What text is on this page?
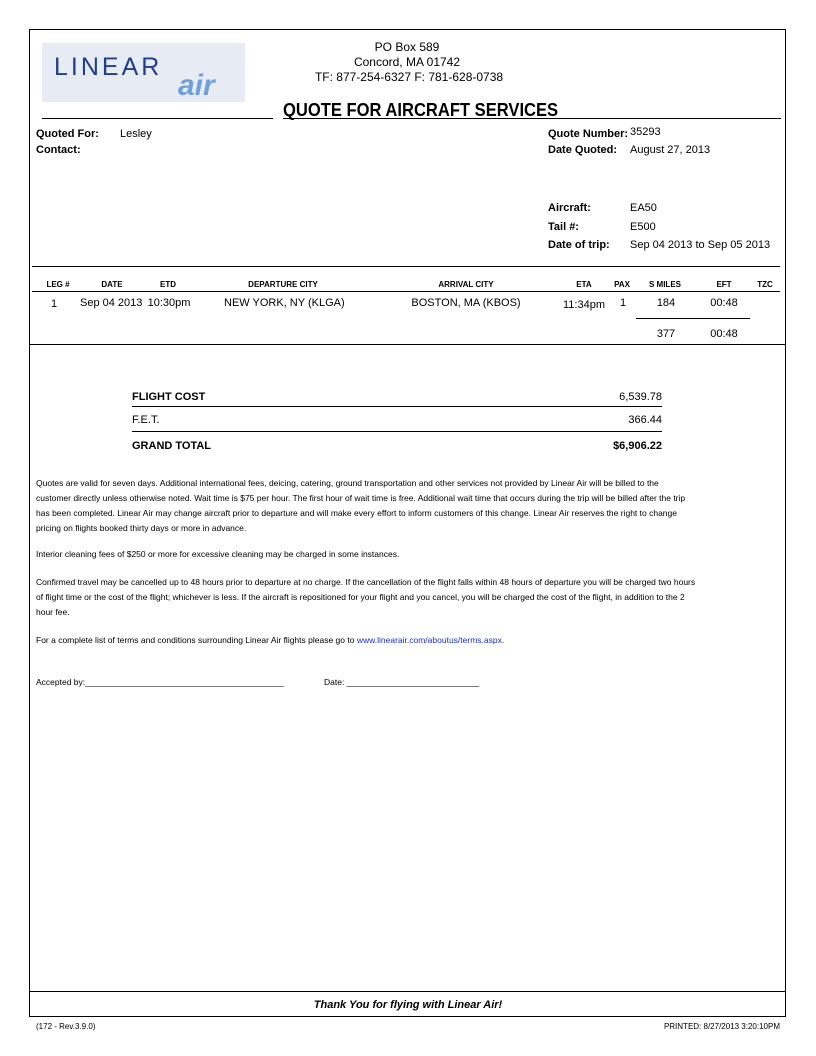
LINEAR
air
PO Box 589
Concord, MA 01742
TF: 877-254-6327 F: 781-628-0738
QUOTE FOR AIRCRAFT SERVICES
Quoted For: Lesley
Contact:
Quote Number: 35293
Date Quoted: August 27, 2013
Aircraft:	EA50
Tail #:	E500
Date of trip: Sep 04 2013 to Sep 05 2013
LEG #	DATE	ETD	DEPARTURE CITY	ARRIVAL CITY	ETA	PAX	S MILES	EFT	TZC
1	Sep 04 2013 10:30pm	NEW YORK, NY (KLGA)	BOSTON, MA (KBOS)	11:34pm	1	184	00:48
377	00:48
FLIGHT COST	6,539.78
F.E.T.	366.44
GRAND TOTAL	$6,906.22
Quotes are valid for seven days. Additional international fees, deicing, catering, ground transportation and other services not provided by Linear Air will be billed to the customer directly unless otherwise noted. Wait time is $75 per hour. The first hour of wait time is free. Additional wait time that occurs during the trip will be billed after the trip has been completed. Linear Air may change aircraft prior to departure and will make every effort to inform customers of this change. Linear Air reserves the right to change pricing on flights booked thirty days or more in advance.
Interior cleaning fees of $250 or more for excessive cleaning may be charged in some instances.
Confirmed travel may be cancelled up to 48 hours prior to departure at no charge. If the cancellation of the flight falls within 48 hours of departure you will be charged two hours of flight time or the cost of the flight; whichever is less. If the aircraft is repositioned for your flight and you cancel, you will be charged the cost of the flight, in addition to the 2 hour fee.
For a complete list of terms and conditions surrounding Linear Air flights please go to www.linearair.com/aboutus/terms.aspx.
Accepted by:__________________________________________	Date: ____________________________
Thank You for flying with Linear Air!
(172 - Rev.3.9.0)	PRINTED: 8/27/2013 3:20:10PM
